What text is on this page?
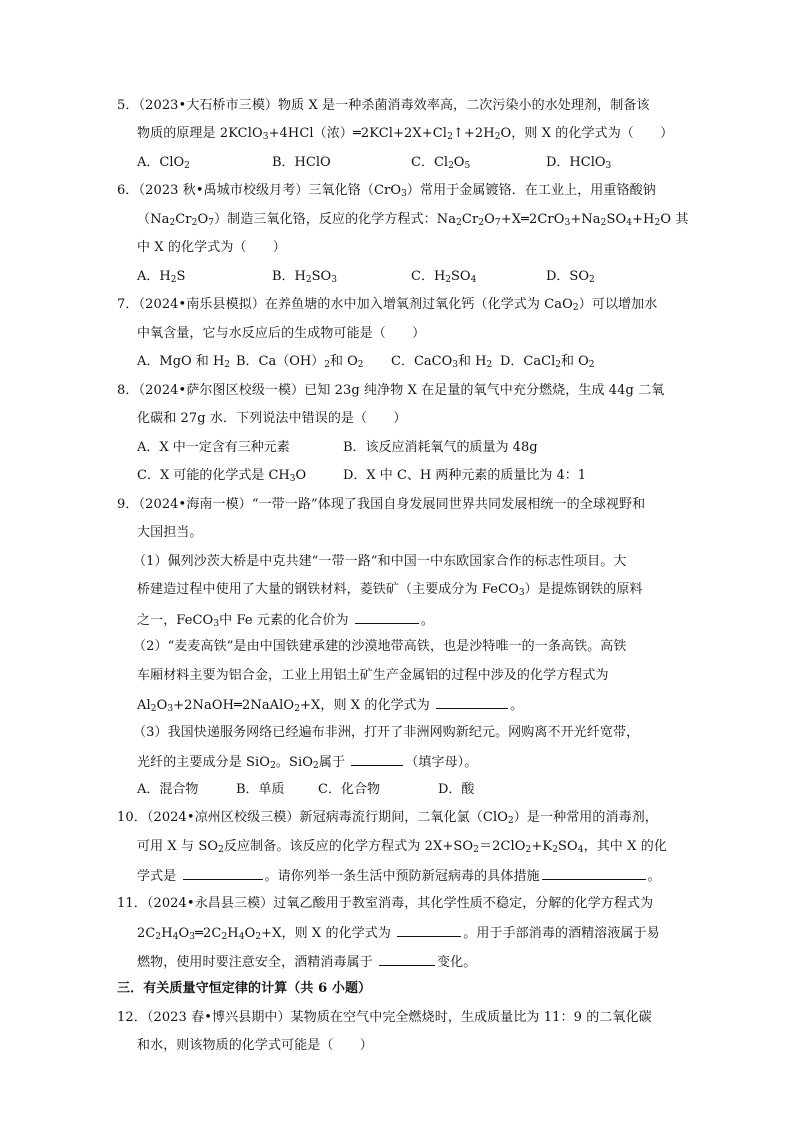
5．（2023•大石桥市三模）物质 X 是一种杀菌消毒效率高，二次污染小的水处理剂，制备该
物质的原理是 2KClO$_3$+4HCl（浓）$═2KCl+2X+Cl_2↑+2H_2O$，则 X 的化学式为（　　）
A．ClO$_2$	B．HClO	C．$Cl_2O_5$	D．HClO$_3$
6．（2023 秋•禹城市校级月考）三氧化铬（CrO$_3$）常用于金属镀铬．在工业上，用重铬酸钠
$(Na_2Cr_2O_7)$制造三氧化铬，反应的化学方程式：$Na_2Cr_2O_7+X═2CrO_3+Na_2SO_4+H_2O$ 其
中 X 的化学式为（　　）
A．$H_2S$	B．$H_2SO_3$	C．$H_2SO_4$	D．$SO_2$
7．（2024•南乐县模拟）在养鱼塘的水中加入增氧剂过氧化钙（化学式为 CaO$_2$）可以增加水
中氧含量，它与水反应后的生成物可能是（　　）
A．MgO 和 $H_2$ B．$Ca(OH)_2$和 $O_2$ C．CaCO$_3$和 $H_2$ D．CaCl$_2$和 $O_2$
8．（2024•萨尔图区校级一模）已知 23g 纯净物 X 在足量的氧气中充分燃烧，生成 44g 二氧
化碳和 27g 水．下列说法中错误的是（　　）
A．X 中一定含有三种元素	B．该反应消耗氧气的质量为 48g
C．X 可能的化学式是 $CH_3O$	D．X 中 C、H 两种元素的质量比为 4：1
9．（2024•海南一模）“一带一路”体现了我国自身发展同世界共同发展相统一的全球视野和
大国担当。
（1）佩列沙茨大桥是中克共建“一带一路”和中国一中东欧国家合作的标志性项目。大
桥建造过程中使用了大量的钢铁材料，菱铁矿（主要成分为 FeCO$_3$）是提炼钢铁的原料
之一，FeCO$_3$中 Fe 元素的化合价为	。
（2）“麦麦高铁”是由中国铁建承建的沙漠地带高铁，也是沙特唯一的一条高铁。高铁
车厢材料主要为铝合金，工业上用铝土矿生产金属铝的过程中涉及的化学方程式为
$Al_2O_3+2NaOH═2NaAlO_2+X$，则 X 的化学式为	。
（3）我国快递服务网络已经遍布非洲，打开了非洲网购新纪元。网购离不开光纤宽带，
光纤的主要成分是 SiO$_2$。SiO$_2$属于	（填字母）。
A．混合物	B．单质	C．化合物	D．酸
10．（2024•凉州区校级三模）新冠病毒流行期间，二氧化氯（ClO$_2$）是一种常用的消毒剂，
可用 X 与 $SO_2$反应制备。该反应的化学方程式为 $2X+SO_2=2ClO_2+K_2SO_4$，其中 X 的化
学式是	。请你列举一条生活中预防新冠病毒的具体措施	。
11．（2024•永昌县三模）过氧乙酸用于教室消毒，其化学性质不稳定，分解的化学方程式为
$2C_2H_4O_3═2C_2H_4O_2+X$，则 X 的化学式为	。用于手部消毒的酒精溶液属于易
燃物，使用时要注意安全，酒精消毒属于	变化。
三．有关质量守恒定律的计算（共 6 小题）
12．（2023 春•博兴县期中）某物质在空气中完全燃烧时，生成质量比为 11：9 的二氧化碳
和水，则该物质的化学式可能是（　　）
